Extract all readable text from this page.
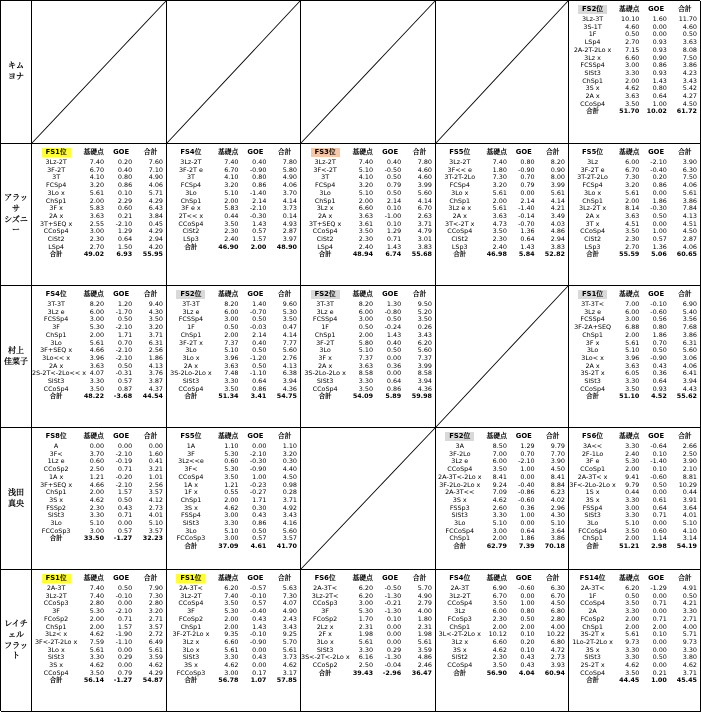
キム
ヨナ
FS2位	基礎点	GOE	合計
3Lz-3T	10.10	1.60	11.70
3S-1T	4.60	0.00	4.60
1F	0.50	0.00	0.50
LSp4	2.70	0.93	3.63
2A-2T-2Lo x	7.15	0.93	8.08
3Lz x	6.60	0.90	7.50
FCSSp4	3.00	0.86	3.86
SlSt3	3.30	0.93	4.23
ChSp1	2.00	1.43	3.43
3S x	4.62	0.80	5.42
2A x	3.63	0.64	4.27
CCoSp4	3.50	1.00	4.50
合計	51.70	10.02	61.72
アラッサ
シズニー
FS1位	基礎点	GOE	合計
3Lz-2T	7.40	0.20	7.60
3F-2T	6.70	0.40	7.10
3T	4.10	0.80	4.90
FCSp4	3.20	0.86	4.06
3Lo x	5.61	0.10	5.71
ChSp1	2.00	2.29	4.29
3F x	5.83	0.60	6.43
2A x	3.63	0.21	3.84
3T+SEQ x	2.55	-2.10	0.45
CCoSp4	3.00	1.29	4.29
CiSt2	2.30	0.64	2.94
LSp4	2.70	1.50	4.20
合計	49.02	6.93	55.95
FS4位	基礎点	GOE	合計
3Lz-2T	7.40	0.40	7.80
3F-2T e	6.70	-0.90	5.80
3T	4.10	0.80	4.90
FCSp4	3.20	0.86	4.06
3Lo	5.10	-1.40	3.70
ChSp1	2.00	2.14	4.14
3F e x	5.83	-2.10	3.73
2T<< x	0.44	-0.30	0.14
CCoSp4	3.50	1.43	4.93
CiSt2	2.30	0.57	2.87
LSp3	2.40	1.57	3.97
合計	46.90	2.00	48.90
FS3位	基礎点	GOE	合計
3Lz-2T	7.40	0.40	7.80
3F<-2T	5.10	-0.50	4.60
3T	4.10	0.50	4.60
FCSp4	3.20	0.79	3.99
3Lo	5.10	0.50	5.60
ChSp1	2.00	2.14	4.14
3Lz x	6.60	0.10	6.70
2A x	3.63	-1.00	2.63
3T+SEQ x	3.61	0.10	3.71
CCoSp4	3.50	1.29	4.79
CiSt2	2.30	0.71	3.01
LSp4	2.40	1.43	3.83
合計	48.94	6.74	55.68
FS5位	基礎点	GOE	合計
3Lz-2T	7.40	0.80	8.20
3F<< e	1.80	-0.90	0.90
3T-2T-2Lo	7.30	0.70	8.00
FCSp4	3.20	0.79	3.99
3Lo x	5.61	0.00	5.61
ChSp1	2.00	2.14	4.14
3Lz e x	5.61	-1.40	4.21
2A x	3.63	-0.14	3.49
3T<-2T x	4.73	-0.70	4.03
CCoSp4	3.50	1.36	4.86
CiSt2	2.30	0.64	2.94
LSp3	2.40	1.43	3.83
合計	46.98	5.84	52.82
FS5位	基礎点	GOE	合計
3Lz	6.00	-2.10	3.90
3F-2T e	6.70	-0.40	6.30
3T-2T-2Lo	7.30	0.20	7.50
FCSp4	3.20	0.86	4.06
3Lo x	5.61	0.00	5.61
ChSp1	2.00	1.86	3.86
3Lz-2T x	8.14	-0.30	7.84
2A x	3.63	0.50	4.13
3T x	4.51	0.00	4.51
CCoSp4	3.50	1.00	4.50
CiSt2	2.30	0.57	2.87
LSp3	2.70	1.36	4.06
合計	55.59	5.06	60.65
村上
佳菜子
FS4位	基礎点	GOE	合計
3T-3T	8.20	1.20	9.40
3Lz e	6.00	-1.70	4.30
FCSSp4	3.00	0.50	3.50
3F	5.30	-2.10	3.20
ChSp1	2.00	1.71	3.71
3Lo	5.61	0.70	6.31
3F+SEQ x	4.66	-2.10	2.56
3Lo<< x	3.96	-2.10	1.86
2A x	3.63	0.50	4.13
2S-2T<-2Lo<< x	4.07	-0.31	3.76
SlSt3	3.30	0.57	3.87
CCoSp4	3.50	0.87	4.37
合計	48.22	-3.68	44.54
FS2位	基礎点	GOE	合計
3T-3T	8.20	1.40	9.60
3Lz e	6.00	-0.70	5.30
FCSSp4	3.00	0.50	3.50
1F	0.50	-0.03	0.47
ChSp1	2.00	2.14	4.14
3F-2T x	7.37	0.40	7.77
3Lo	5.10	0.50	5.60
3Lo x	3.96	-1.20	2.76
2A x	3.63	0.50	4.13
3S-2Lo-2Lo x	7.48	-1.10	6.38
SlSt3	3.30	0.64	3.94
CCoSp4	3.50	0.86	4.36
合計	51.34	3.41	54.75
FS2位	基礎点	GOE	合計
3T-3T	8.20	1.30	9.50
3Lz e	6.00	-0.80	5.20
FCSSp4	3.00	0.50	3.50
1F	0.50	-0.24	0.26
ChSp1	2.00	1.43	3.43
3F-2T	5.80	0.40	6.20
3Lo	5.10	0.50	5.60
3F x	7.37	0.00	7.37
2A x	3.63	0.36	3.99
3S-2Lo-2Lo x	8.58	0.00	8.58
SlSt3	3.30	0.64	3.94
CCoSp4	3.50	0.86	4.36
合計	54.09	5.89	59.98
FS1位	基礎点	GOE	合計
3T-3T<	7.00	-0.10	6.90
3Lz e	6.00	-0.60	5.40
FCSSp4	3.00	0.56	3.56
3F-2A+SEQ	6.88	0.80	7.68
ChSp1	2.00	1.86	3.86
3F x	5.61	0.70	6.31
3Lo	5.10	0.50	5.60
3Lo< x	3.96	-0.90	3.06
2A x	3.63	0.43	4.06
3S-2T x	6.05	0.36	6.41
SlSt3	3.30	0.64	3.94
CCoSp4	3.50	0.93	4.43
合計	51.10	4.52	55.62
浅田
真央
FS8位	基礎点	GOE	合計
A	0.00	0.00	0.00
3F<	3.70	-2.10	1.60
1Lz e	0.60	-0.19	0.41
CCoSp2	2.50	0.71	3.21
1A x	1.21	-0.20	1.01
3F+SEQ x	4.66	-2.10	2.56
ChSp1	2.00	1.57	3.57
3S x	4.62	0.50	4.12
FSSp2	2.30	0.43	2.73
SlSt3	3.30	0.71	4.01
3Lo	5.10	0.00	5.10
FCCoSp3	3.00	0.57	3.57
合計	33.50	-1.27	32.23
FS5位	基礎点	GOE	合計
1A	1.10	0.00	1.10
3F	5.30	-2.10	3.20
3Lz<<e	0.60	-0.30	0.30
3F<	5.30	-0.90	4.40
CCoSp4	3.50	1.00	4.50
1A x	1.21	-0.23	0.98
1F x	0.55	-0.27	0.28
ChSp1	2.00	1.71	3.71
3S x	4.62	0.30	4.92
FSSp4	3.00	0.43	3.43
SlSt3	3.30	0.86	4.16
3Lo	5.10	0.50	5.60
FCCoSp3	3.00	0.57	3.57
合計	37.09	4.61	41.70
FS2位	基礎点	GOE	合計
3A	8.50	1.29	9.79
3F-2Lo	7.00	0.70	7.70
3Lz e	6.00	-2.10	3.90
CCoSp4	3.50	1.00	4.50
2A-3T<-2Lo x	8.41	0.00	8.41
3F-2Lo-2Lo x	9.24	-0.40	8.84
2A-3T<<	7.09	-0.86	6.23
3S x	4.62	-0.60	4.02
FSSp3	2.60	0.36	2.96
SlSt3	3.30	1.00	4.30
3Lo	5.10	0.00	5.10
FCCoSp4	3.00	0.64	3.64
ChSp1	2.00	1.86	3.86
合計	62.79	7.39	70.18
FS6位	基礎点	GOE	合計
3A<<	3.30	-0.64	2.66
2F-1Lo	2.40	0.10	2.50
3F e	5.30	-1.40	3.90
CCoSp1	2.00	0.10	2.10
2A-3T< x	9.41	-0.60	8.81
3F<-2Lo-2Lo x	9.79	0.50	10.29
1S x	0.44	0.00	0.44
3S x	3.30	0.61	3.91
FSSp4	3.00	0.64	3.64
SlSt3	3.30	0.71	4.01
3Lo	5.10	0.00	5.10
FCCoSp4	3.50	0.60	4.10
ChSp1	2.00	1.14	3.14
合計	51.21	2.98	54.19
レイチェル
フラット
FS1位	基礎点	GOE	合計
2A-3T	7.40	0.50	7.90
3Lz-2T	7.40	-0.10	7.30
CCoSp3	2.80	0.00	2.80
3F	5.30	-2.10	3.20
FCoSp2	2.00	0.71	2.71
ChSp1	2.00	1.57	3.57
3Lz< x	4.62	-1.90	2.72
3F<-2T-2Lo x	7.59	-1.10	6.49
3Lo x	5.61	0.00	5.61
SlSt3	3.30	0.29	3.59
3S x	4.62	0.00	4.62
CCoSp4	3.50	0.79	4.29
合計	56.14	-1.27	54.87
FS1位	基礎点	GOE	合計
2A-3T<	6.20	-0.57	5.63
3Lz-2T	7.40	-0.10	7.30
CCoSp4	3.50	0.57	4.07
3F	5.30	-0.40	4.90
FCoSp2	2.00	0.43	2.43
ChSp1	2.00	1.43	3.43
3F-2T-2Lo x	9.35	-0.10	9.25
3Lz x	6.60	-0.90	5.70
3Lo x	5.61	0.00	5.61
SlSt3	3.30	0.43	3.73
3S x	4.62	0.00	4.62
FCCoSp3	3.00	0.17	3.17
合計	56.78	1.07	57.85
FS6位	基礎点	GOE	合計
2A-3T<	6.20	-0.50	5.70
3Lz-2T<	6.20	-1.30	4.90
CCoSp3	3.00	-0.21	2.79
3F	5.30	-1.30	4.00
FCoSp2	1.70	0.10	1.80
2Lz x	2.31	0.00	2.31
2F x	1.98	0.00	1.98
3Lo x	5.61	0.00	5.61
SlSt3	3.30	0.29	3.59
3S<-2T<-2Lo x	6.16	-1.30	4.86
CCoSp2	2.50	-0.04	2.46
合計	39.43	-2.96	36.47
FS4位	基礎点	GOE	合計
2A-3T	6.90	-0.60	6.30
3Lz-2T	6.70	0.00	6.70
CCoSp4	3.50	1.00	4.50
3Lz	6.00	0.80	6.80
FCoSp3	2.30	0.50	2.80
ChSp1	2.00	2.00	4.00
3L<-2T-2Lo x	10.12	0.10	10.22
3Lz x	6.60	0.20	6.80
3S x	4.62	0.10	4.72
SlSt2	2.30	0.43	2.73
CCoSp4	3.50	0.43	3.93
合計	56.90	4.04	60.94
FS14位	基礎点	GOE	合計
2A-3T<	6.20	-1.29	4.91
1F	0.50	0.00	0.50
CCoSp4	3.50	0.71	4.21
2A	3.30	0.00	3.30
FCoSp2	2.00	0.71	2.71
ChSp1	2.00	2.00	4.00
3S-2T x	5.61	0.10	5.71
1Lo-2T-2Lo x	9.73	0.00	9.73
3S x	3.30	0.00	3.30
SlSt3	3.30	0.50	3.80
2S-2T x	4.62	0.00	4.62
CCoSp4	3.50	0.21	3.71
合計	44.45	1.00	45.45
